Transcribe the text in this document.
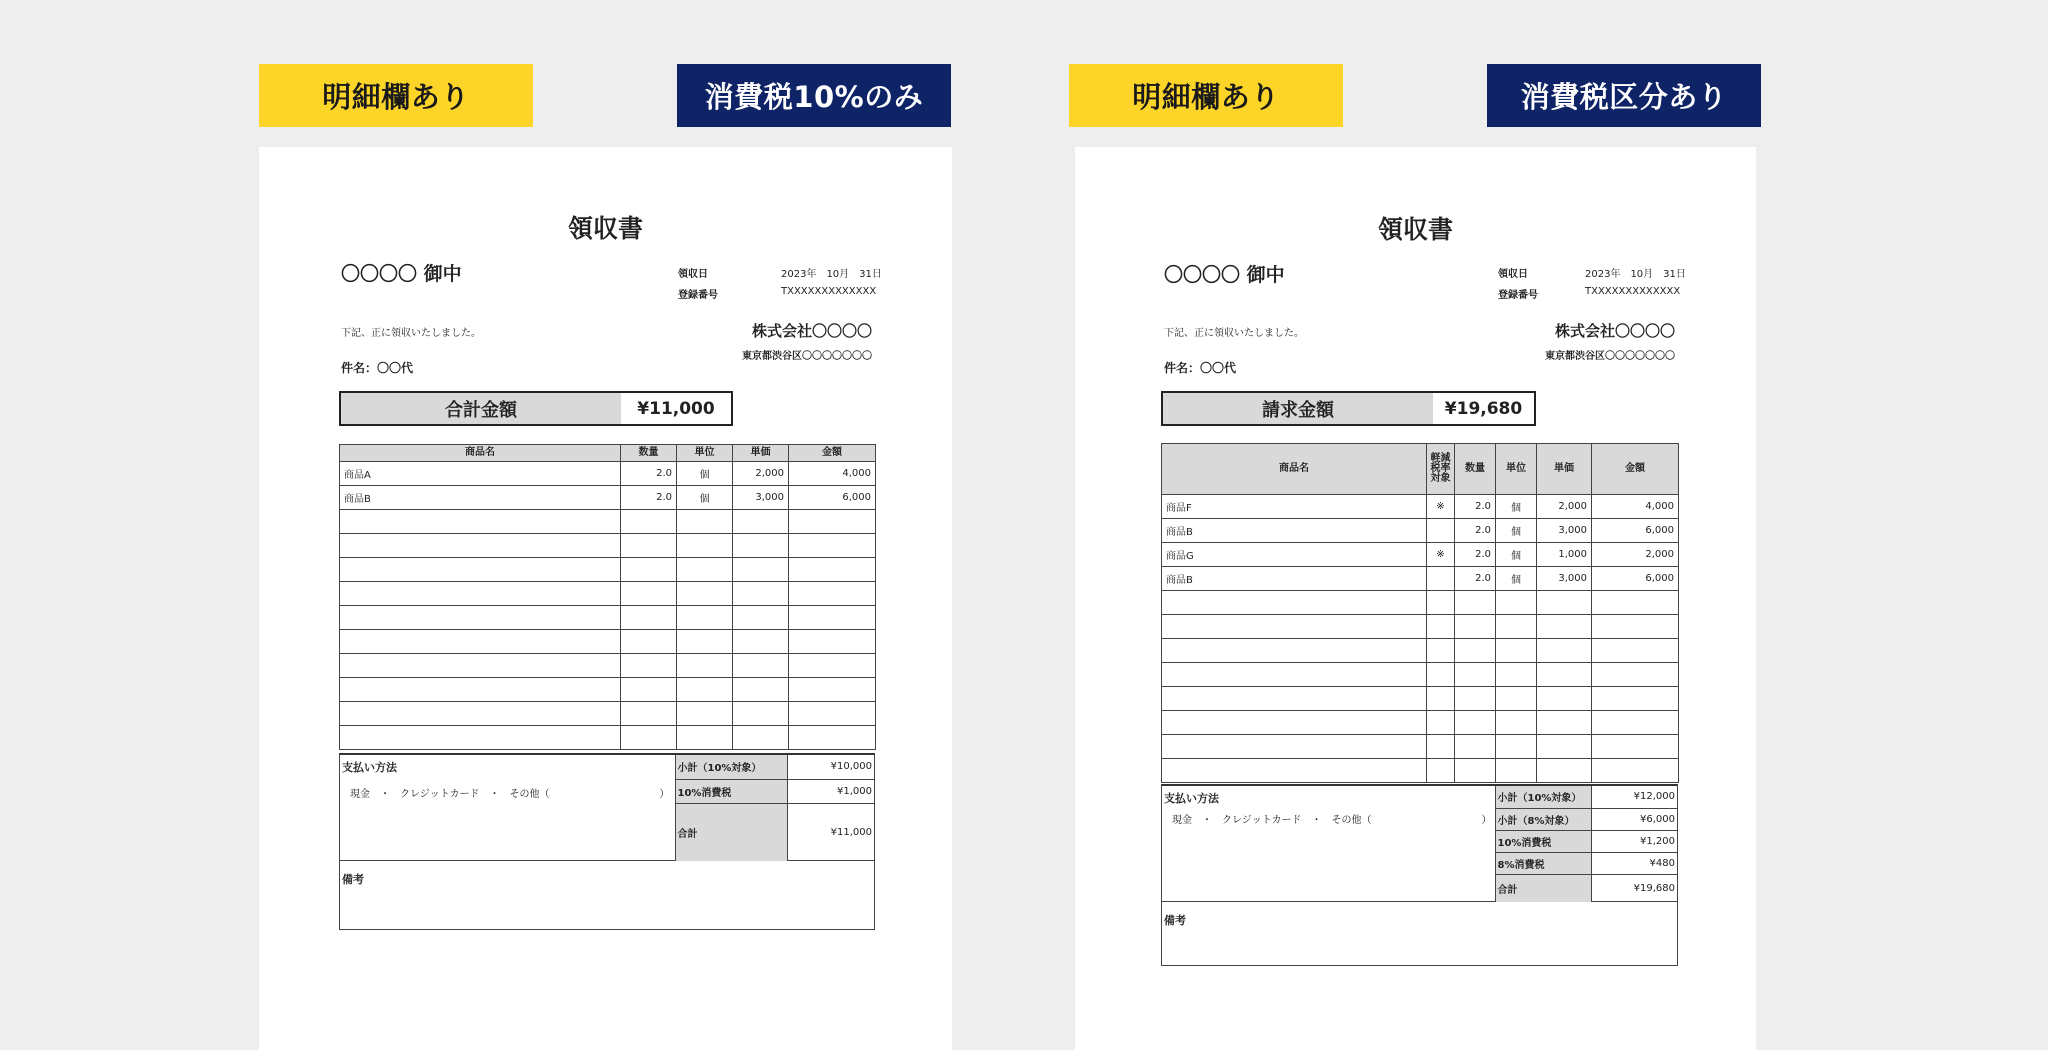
明細欄あり	消費税10%のみ
領収書
〇〇〇〇 御中	領収日	2023年　10月　31日
登録番号	TXXXXXXXXXXXXX
下記、正に領収いたしました。	株式会社〇〇〇〇
東京都渋谷区〇〇〇〇〇〇〇
件名：〇〇代
合計金額	¥11,000
商品名	数量	単位	単価	金額
商品A	2.0	個	2,000	4,000
商品B	2.0	個	3,000	6,000

支払い方法
現金　・　クレジットカード　・　その他（　　　　　　　　　　　）
小計（10%対象）	¥10,000
10%消費税	¥1,000
合計	¥11,000
備考
明細欄あり	消費税区分あり
領収書
〇〇〇〇 御中	領収日	2023年　10月　31日
登録番号	TXXXXXXXXXXXXX
下記、正に領収いたしました。	株式会社〇〇〇〇
東京都渋谷区〇〇〇〇〇〇〇
件名：〇〇代
請求金額	¥19,680
商品名	軽減
税率
対象	数量	単位	単価	金額
商品F	※	2.0	個	2,000	4,000
商品B		2.0	個	3,000	6,000
商品G	※	2.0	個	1,000	2,000
商品B		2.0	個	3,000	6,000

支払い方法
現金　・　クレジットカード　・　その他（　　　　　　　　　　　）
小計（10%対象）	¥12,000
小計（8%対象）	¥6,000
10%消費税	¥1,200
8%消費税	¥480
合計	¥19,680
備考
